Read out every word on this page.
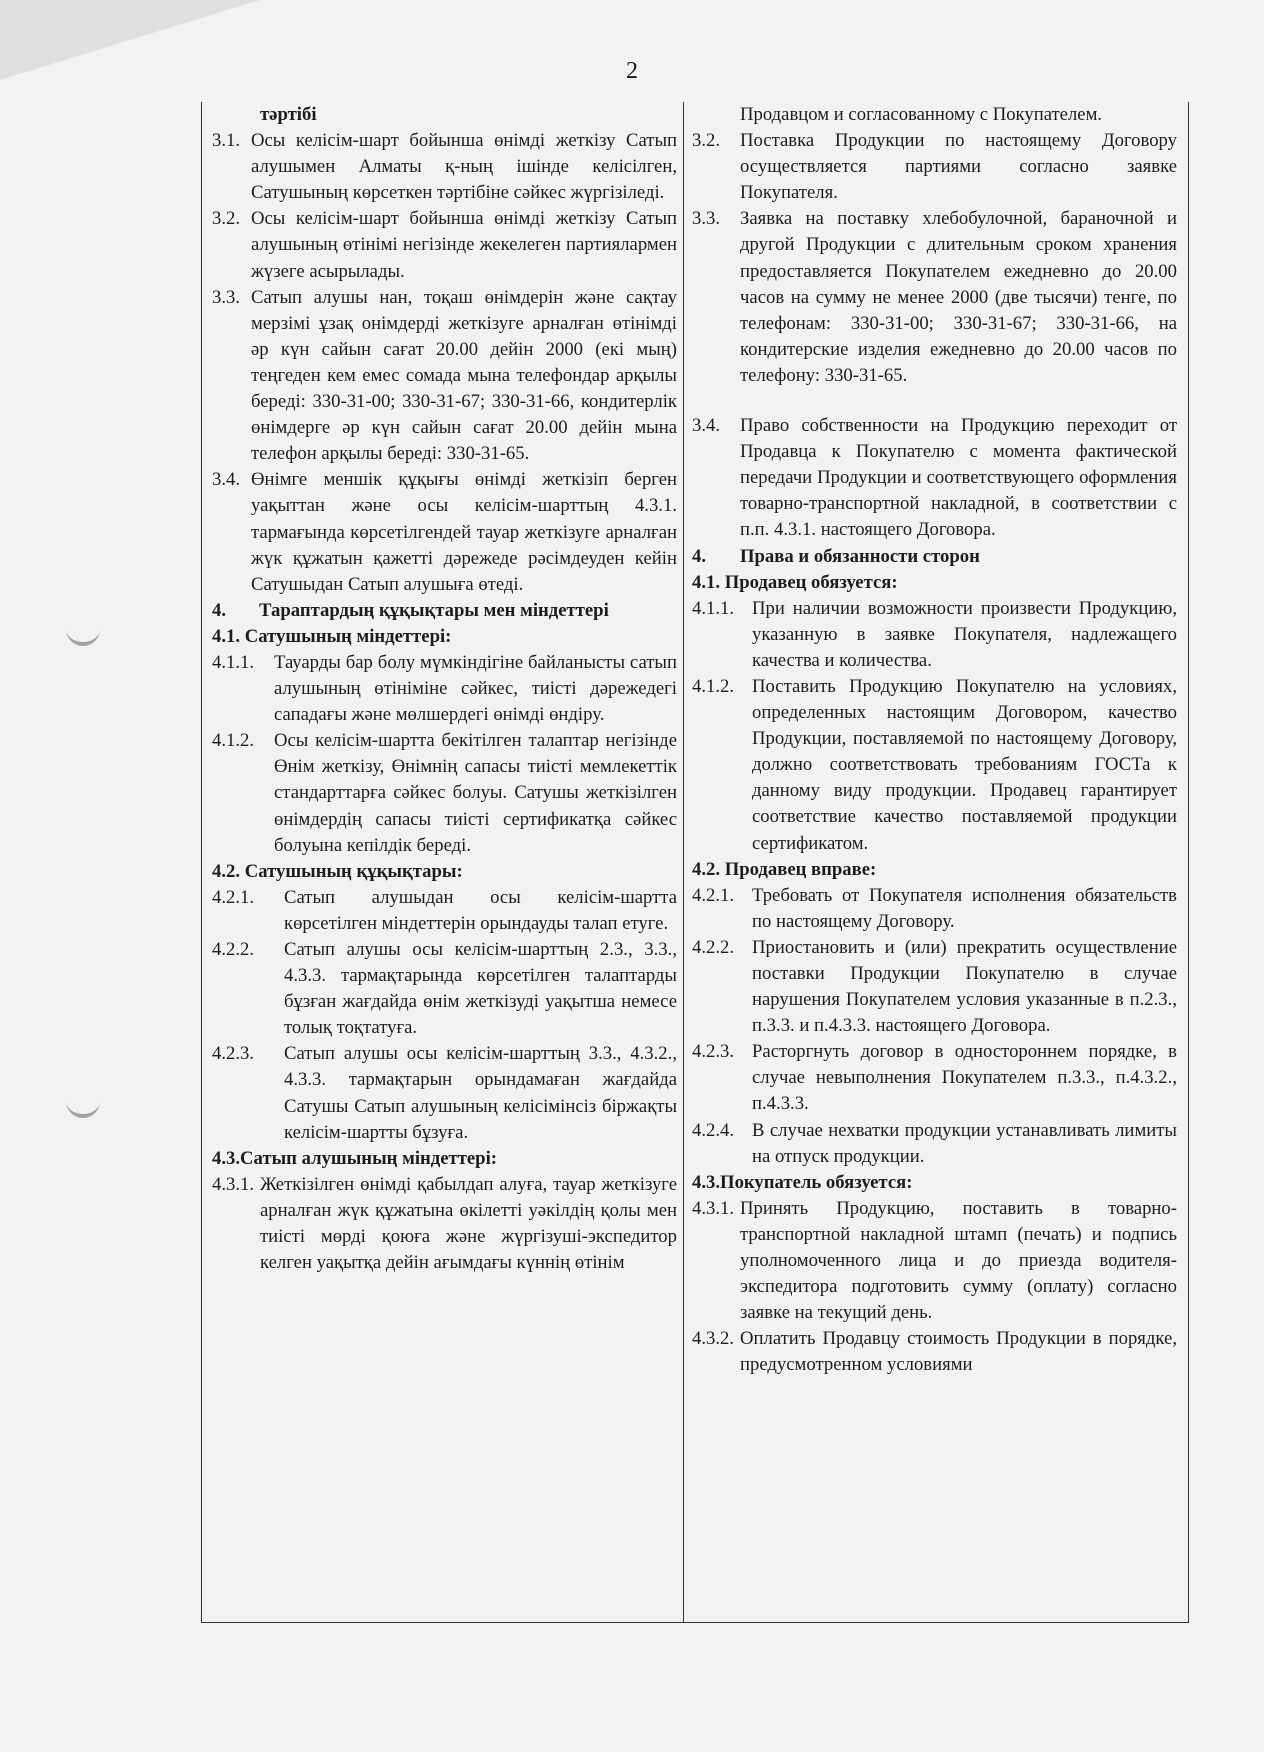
2
тәртібі
3.1. Осы келісім-шарт бойынша өнімді жеткізу Сатып алушымен Алматы қ-ның ішінде келісілген, Сатушының көрсеткен тәртібіне сәйкес жүргізіледі.
3.2. Осы келісім-шарт бойынша өнімді жеткізу Сатып алушының өтінімі негізінде жекелеген партиялармен жүзеге асырылады.
3.3. Сатып алушы нан, тоқаш өнімдерін және сақтау мерзімі ұзақ онімдерді жеткізуге арналған өтінімді әр күн сайын сағат 20.00 дейін 2000 (екі мың) теңгеден кем емес сомада мына телефондар арқылы береді: 330-31-00; 330-31-67; 330-31-66, кондитерлік өнімдерге әр күн сайын сағат 20.00 дейін мына телефон арқылы береді: 330-31-65.
3.4. Өнімге меншік құқығы өнімді жеткізіп берген уақыттан және осы келісім-шарттың 4.3.1. тармағында көрсетілгендей тауар жеткізуге арналған жүк құжатын қажетті дәрежеде рәсімдеуден кейін Сатушыдан Сатып алушыға өтеді.
4.	Тараптардың құқықтары мен міндеттері
4.1. Сатушының міндеттері:
4.1.1.	Тауарды бар болу мүмкіндігіне байланысты сатып алушының өтініміне сәйкес, тиісті дәрежедегі сападағы және мөлшердегі өнімді өндіру.
4.1.2.	Осы келісім-шартта бекітілген талаптар негізінде Өнім жеткізу, Өнімнің сапасы тиісті мемлекеттік стандарттарға сәйкес болуы. Сатушы жеткізілген өнімдердің сапасы тиісті сертификатқа сәйкес болуына кепілдік береді.
4.2. Сатушының құқықтары:
4.2.1.	Сатып алушыдан осы келісім-шартта көрсетілген міндеттерін орындауды талап етуге.
4.2.2.	Сатып алушы осы келісім-шарттың 2.3., 3.3., 4.3.3. тармақтарында көрсетілген талаптарды бұзған жағдайда өнім жеткізуді уақытша немесе толық тоқтатуға.
4.2.3.	Сатып алушы осы келісім-шарттың 3.3., 4.3.2., 4.3.3. тармақтарын орындамаған жағдайда Сатушы Сатып алушының келісімінсіз біржақты келісім-шартты бұзуға.
4.3.Сатып алушының міндеттері:
4.3.1. Жеткізілген өнімді қабылдап алуға, тауар жеткізуге арналған жүк құжатына өкілетті уәкілдің қолы мен тиісті мөрді қоюға және жүргізуші-экспедитор келген уақытқа дейін ағымдағы күннің өтінім
Продавцом и согласованному с Покупателем.
3.2.	Поставка Продукции по настоящему Договору осуществляется партиями согласно заявке Покупателя.
3.3.	Заявка на поставку хлебобулочной, бараночной и другой Продукции с длительным сроком хранения предоставляется Покупателем ежедневно до 20.00 часов на сумму не менее 2000 (две тысячи) тенге, по телефонам: 330-31-00; 330-31-67; 330-31-66, на кондитерские изделия ежедневно до 20.00 часов по телефону: 330-31-65.
3.4.	Право собственности на Продукцию переходит от Продавца к Покупателю с момента фактической передачи Продукции и соответствующего оформления товарно-транспортной накладной, в соответствии с п.п. 4.3.1. настоящего Договора.
4.	Права и обязанности сторон
4.1. Продавец обязуется:
4.1.1. При наличии возможности произвести Продукцию, указанную в заявке Покупателя, надлежащего качества и количества.
4.1.2. Поставить Продукцию Покупателю на условиях, определенных настоящим Договором, качество Продукции, поставляемой по настоящему Договору, должно соответствовать требованиям ГОСТа к данному виду продукции. Продавец гарантирует соответствие качество поставляемой продукции сертификатом.
4.2. Продавец вправе:
4.2.1. Требовать от Покупателя исполнения обязательств по настоящему Договору.
4.2.2. Приостановить и (или) прекратить осуществление поставки Продукции Покупателю в случае нарушения Покупателем условия указанные в п.2.3., п.3.3. и п.4.3.3. настоящего Договора.
4.2.3. Расторгнуть договор в одностороннем порядке, в случае невыполнения Покупателем п.3.3., п.4.3.2., п.4.3.3.
4.2.4. В случае нехватки продукции устанавливать лимиты на отпуск продукции.
4.3.Покупатель обязуется:
4.3.1. Принять Продукцию, поставить в товарно-транспортной накладной штамп (печать) и подпись уполномоченного лица и до приезда водителя-экспедитора подготовить сумму (оплату) согласно заявке на текущий день.
4.3.2. Оплатить Продавцу стоимость Продукции в порядке, предусмотренном условиями
